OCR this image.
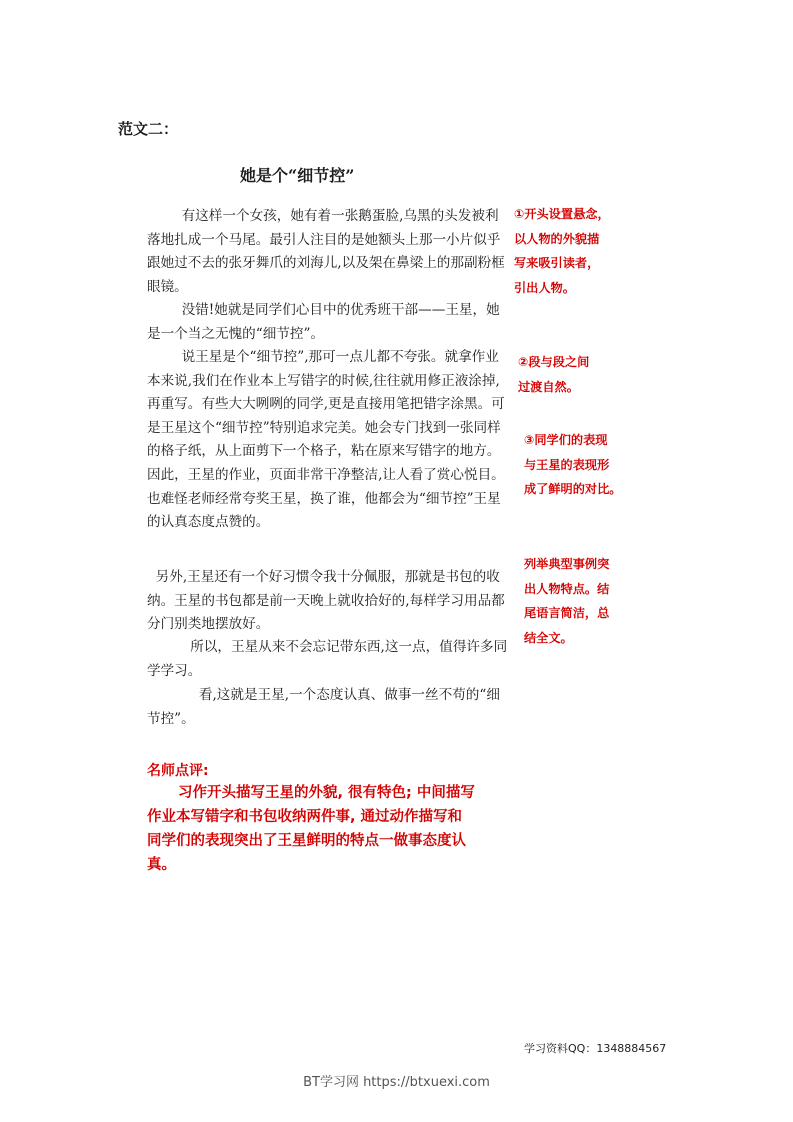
范文二：
她是个“细节控”
有这样一个女孩，她有着一张鹅蛋脸,乌黑的头发被利落地扎成一个马尾。最引人注目的是她额头上那一小片似乎跟她过不去的张牙舞爪的刘海儿,以及架在鼻梁上的那副粉框眼镜。
没错!她就是同学们心目中的优秀班干部——王星，她是一个当之无愧的“细节控”。
说王星是个“细节控”,那可一点儿都不夸张。就拿作业本来说,我们在作业本上写错字的时候,往往就用修正液涂掉,再重写。有些大大咧咧的同学,更是直接用笔把错字涂黑。可是王星这个“细节控”特别追求完美。她会专门找到一张同样的格子纸，从上面剪下一个格子，粘在原来写错字的地方。因此，王星的作业，页面非常干净整洁,让人看了赏心悦目。也难怪老师经常夸奖王星，换了谁，他都会为“细节控”王星的认真态度点赞的。
另外,王星还有一个好习惯令我十分佩服，那就是书包的收纳。王星的书包都是前一天晚上就收拾好的,每样学习用品都分门别类地摆放好。
所以，王星从来不会忘记带东西,这一点，值得许多同学学习。
看,这就是王星,一个态度认真、做事一丝不苟的“细节控”。
①开头设置悬念，
以人物的外貌描
写来吸引读者，
引出人物。
②段与段之间
过渡自然。
③同学们的表现
与王星的表现形
成了鲜明的对比。
列举典型事例突
出人物特点。结
尾语言简洁，总
结全文。
名师点评:
习作开头描写王星的外貌, 很有特色; 中间描写
作业本写错字和书包收纳两件事, 通过动作描写和
同学们的表现突出了王星鲜明的特点一做事态度认
真。
学习资料QQ：1348884567
BT学习网 https://btxuexi.com
